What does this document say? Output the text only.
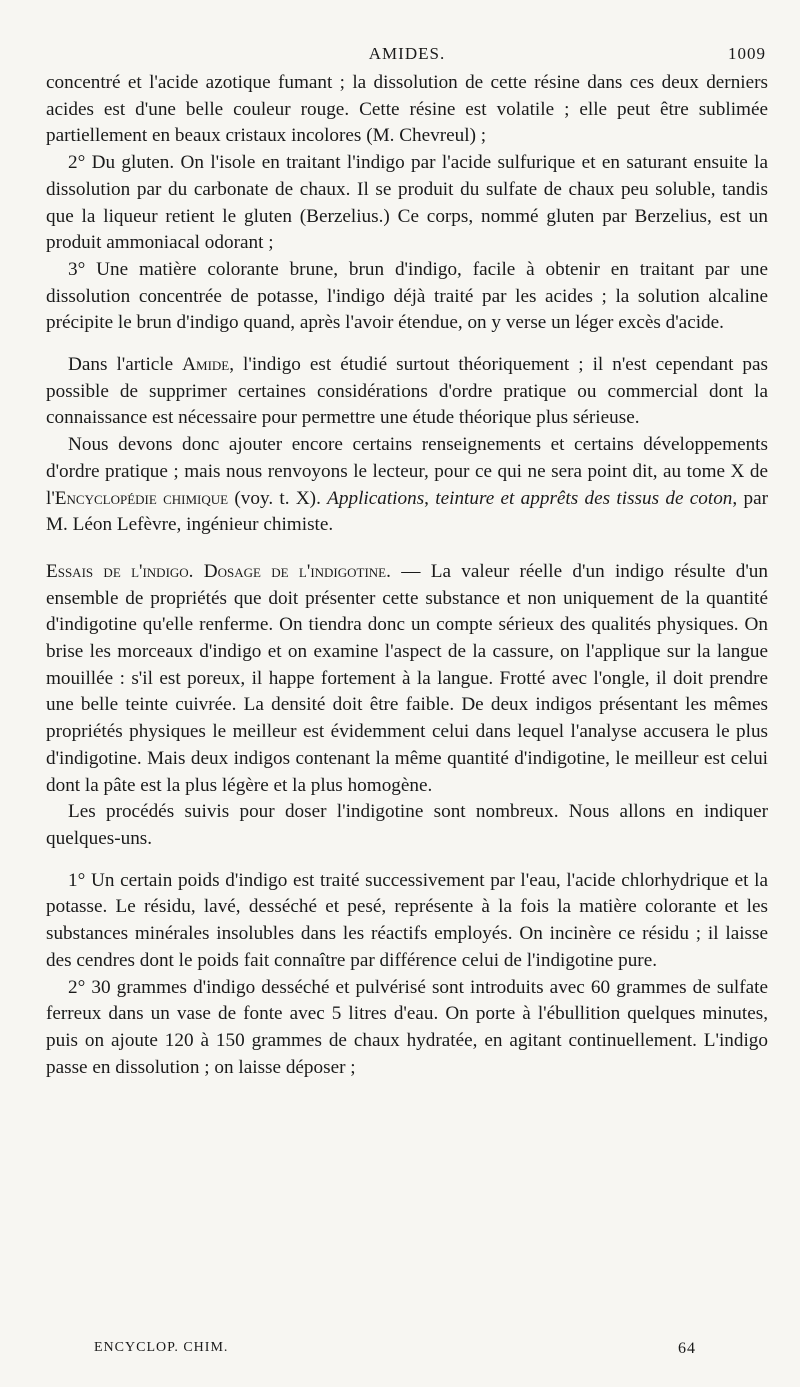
AMIDES.	1009

concentré et l'acide azotique fumant ; la dissolution de cette résine dans ces deux derniers acides est d'une belle couleur rouge. Cette résine est volatile ; elle peut être sublimée partiellement en beaux cristaux incolores (M. Chevreul) ;

2° Du gluten. On l'isole en traitant l'indigo par l'acide sulfurique et en saturant ensuite la dissolution par du carbonate de chaux. Il se produit du sulfate de chaux peu soluble, tandis que la liqueur retient le gluten (Berzelius.) Ce corps, nommé gluten par Berzelius, est un produit ammoniacal odorant ;

3° Une matière colorante brune, brun d'indigo, facile à obtenir en traitant par une dissolution concentrée de potasse, l'indigo déjà traité par les acides ; la solution alcaline précipite le brun d'indigo quand, après l'avoir étendue, on y verse un léger excès d'acide.

Dans l'article Amide, l'indigo est étudié surtout théoriquement ; il n'est cependant pas possible de supprimer certaines considérations d'ordre pratique ou commercial dont la connaissance est nécessaire pour permettre une étude théorique plus sérieuse.

Nous devons donc ajouter encore certains renseignements et certains développements d'ordre pratique ; mais nous renvoyons le lecteur, pour ce qui ne sera point dit, au tome X de l'Encyclopédie chimique (voy. t. X). Applications, teinture et apprêts des tissus de coton, par M. Léon Lefèvre, ingénieur chimiste.

Essais de l'indigo. Dosage de l'indigotine. — La valeur réelle d'un indigo résulte d'un ensemble de propriétés que doit présenter cette substance et non uniquement de la quantité d'indigotine qu'elle renferme. On tiendra donc un compte sérieux des qualités physiques. On brise les morceaux d'indigo et on examine l'aspect de la cassure, on l'applique sur la langue mouillée : s'il est poreux, il happe fortement à la langue. Frotté avec l'ongle, il doit prendre une belle teinte cuivrée. La densité doit être faible. De deux indigos présentant les mêmes propriétés physiques le meilleur est évidemment celui dans lequel l'analyse accusera le plus d'indigotine. Mais deux indigos contenant la même quantité d'indigotine, le meilleur est celui dont la pâte est la plus légère et la plus homogène.

Les procédés suivis pour doser l'indigotine sont nombreux. Nous allons en indiquer quelques-uns.

1° Un certain poids d'indigo est traité successivement par l'eau, l'acide chlorhydrique et la potasse. Le résidu, lavé, desséché et pesé, représente à la fois la matière colorante et les substances minérales insolubles dans les réactifs employés. On incinère ce résidu ; il laisse des cendres dont le poids fait connaître par différence celui de l'indigotine pure.

2° 30 grammes d'indigo desséché et pulvérisé sont introduits avec 60 grammes de sulfate ferreux dans un vase de fonte avec 5 litres d'eau. On porte à l'ébullition quelques minutes, puis on ajoute 120 à 150 grammes de chaux hydratée, en agitant continuellement. L'indigo passe en dissolution ; on laisse déposer ;

ENCYCLOP. CHIM.	64
